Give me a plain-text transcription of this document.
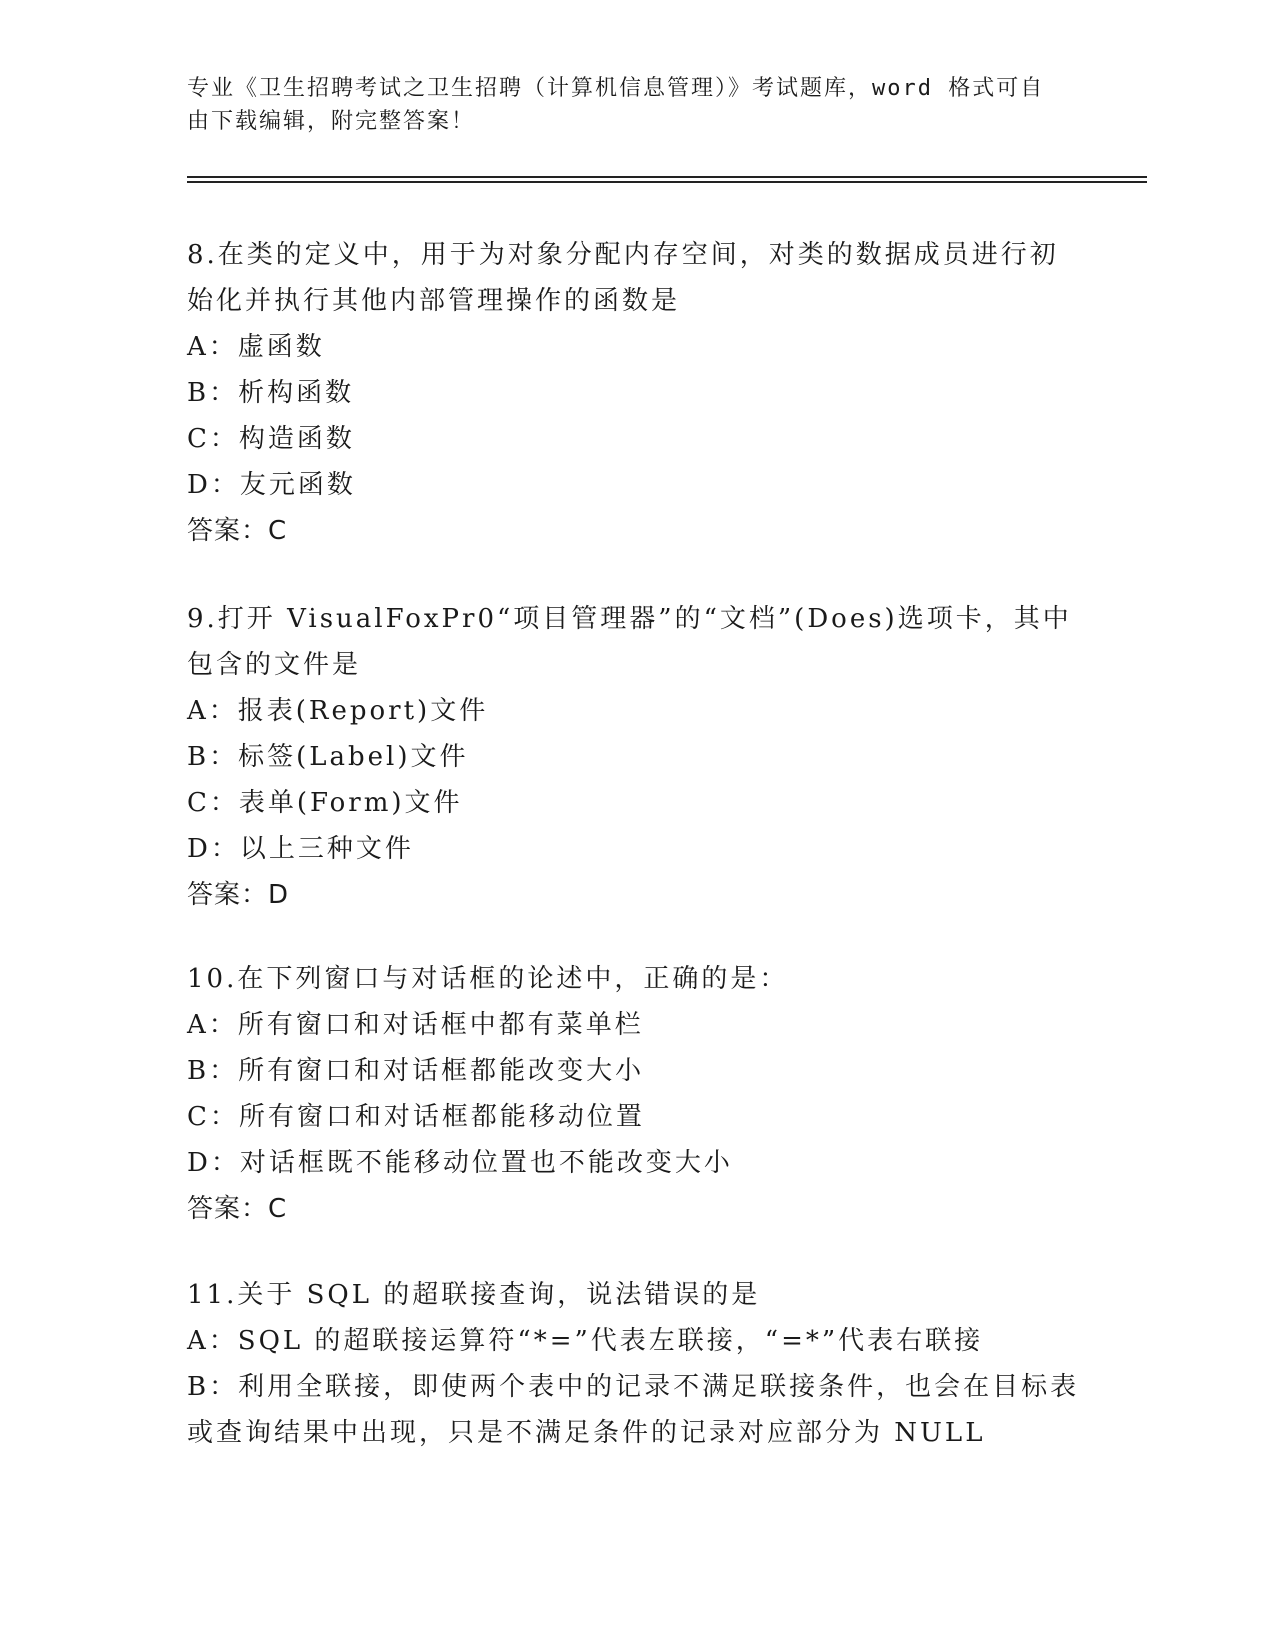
专业《卫生招聘考试之卫生招聘（计算机信息管理）》考试题库，word 格式可自
由下载编辑，附完整答案！
8.在类的定义中，用于为对象分配内存空间，对类的数据成员进行初
始化并执行其他内部管理操作的函数是
A：虚函数
B：析构函数
C：构造函数
D：友元函数
答案：C
9.打开 VisualFoxPr0“项目管理器”的“文档”(Does)选项卡，其中
包含的文件是
A：报表(Report)文件
B：标签(Label)文件
C：表单(Form)文件
D：以上三种文件
答案：D
10.在下列窗口与对话框的论述中，正确的是：
A：所有窗口和对话框中都有菜单栏
B：所有窗口和对话框都能改变大小
C：所有窗口和对话框都能移动位置
D：对话框既不能移动位置也不能改变大小
答案：C
11.关于 SQL 的超联接查询，说法错误的是
A：SQL 的超联接运算符“*=”代表左联接，“=*”代表右联接
B：利用全联接，即使两个表中的记录不满足联接条件，也会在目标表
或查询结果中出现，只是不满足条件的记录对应部分为 NULL
